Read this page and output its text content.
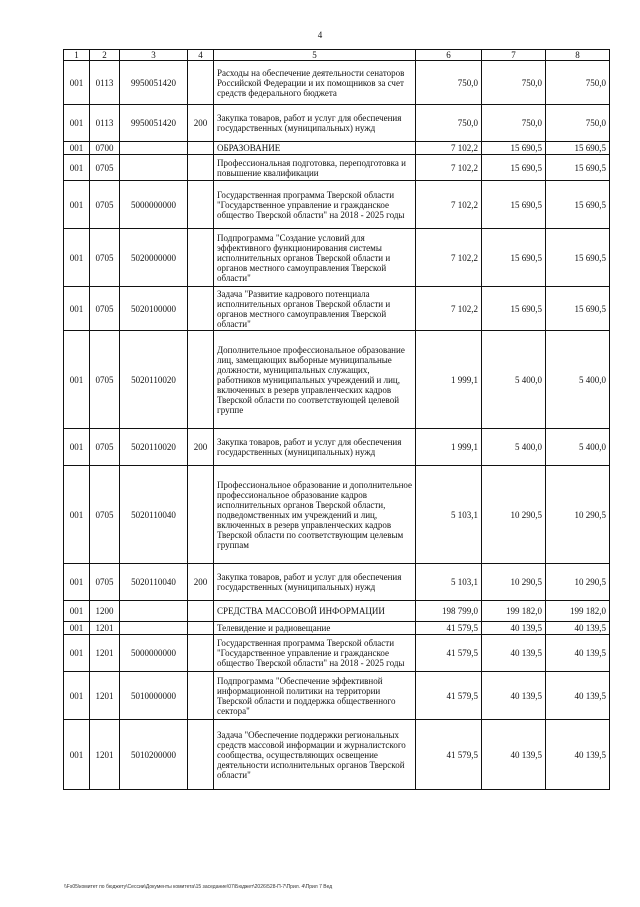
4
1	2	3	4	5	6	7	8
001	0113	9950051420		Расходы на обеспечение деятельности сенаторов Российской Федерации и их помощников за счет средств федерального бюджета	750,0	750,0	750,0
001	0113	9950051420	200	Закупка товаров, работ и услуг для обеспечения государственных (муниципальных) нужд	750,0	750,0	750,0
001	0700			ОБРАЗОВАНИЕ	7 102,2	15 690,5	15 690,5
001	0705			Профессиональная подготовка, переподготовка и повышение квалификации	7 102,2	15 690,5	15 690,5
001	0705	5000000000		Государственная программа Тверской области "Государственное управление и гражданское общество Тверской области" на 2018 - 2025 годы	7 102,2	15 690,5	15 690,5
001	0705	5020000000		Подпрограмма "Создание условий для эффективного функционирования системы исполнительных органов Тверской области и органов местного самоуправления Тверской области"	7 102,2	15 690,5	15 690,5
001	0705	5020100000		Задача "Развитие кадрового потенциала исполнительных органов Тверской области и органов местного самоуправления Тверской области"	7 102,2	15 690,5	15 690,5
001	0705	5020110020		Дополнительное профессиональное образование лиц, замещающих выборные муниципальные должности, муниципальных служащих, работников муниципальных учреждений и лиц, включенных в резерв управленческих кадров Тверской области по соответствующей целевой группе	1 999,1	5 400,0	5 400,0
001	0705	5020110020	200	Закупка товаров, работ и услуг для обеспечения государственных (муниципальных) нужд	1 999,1	5 400,0	5 400,0
001	0705	5020110040		Профессиональное образование и дополнительное профессиональное образование кадров исполнительных органов Тверской области, подведомственных им учреждений и лиц, включенных в резерв управленческих кадров Тверской области по соответствующим целевым группам	5 103,1	10 290,5	10 290,5
001	0705	5020110040	200	Закупка товаров, работ и услуг для обеспечения государственных (муниципальных) нужд	5 103,1	10 290,5	10 290,5
001	1200			СРЕДСТВА МАССОВОЙ ИНФОРМАЦИИ	198 799,0	199 182,0	199 182,0
001	1201			Телевидение и радиовещание	41 579,5	40 139,5	40 139,5
001	1201	5000000000		Государственная программа Тверской области "Государственное управление и гражданское общество Тверской области" на 2018 - 2025 годы	41 579,5	40 139,5	40 139,5
001	1201	5010000000		Подпрограмма "Обеспечение эффективной информационной политики на территории Тверской области и поддержка общественного сектора"	41 579,5	40 139,5	40 139,5
001	1201	5010200000		Задача "Обеспечение поддержки региональных средств массовой информации и журналистского сообщества, осуществляющих освещение деятельности исполнительных органов Тверской области"	41 579,5	40 139,5	40 139,5
\\Fs05\комитет по бюджету\Сессии\Документы комитета\15 заседание\07\Бюджет\2026\528-П-7\Прил. 4\Прил 7 Вед
